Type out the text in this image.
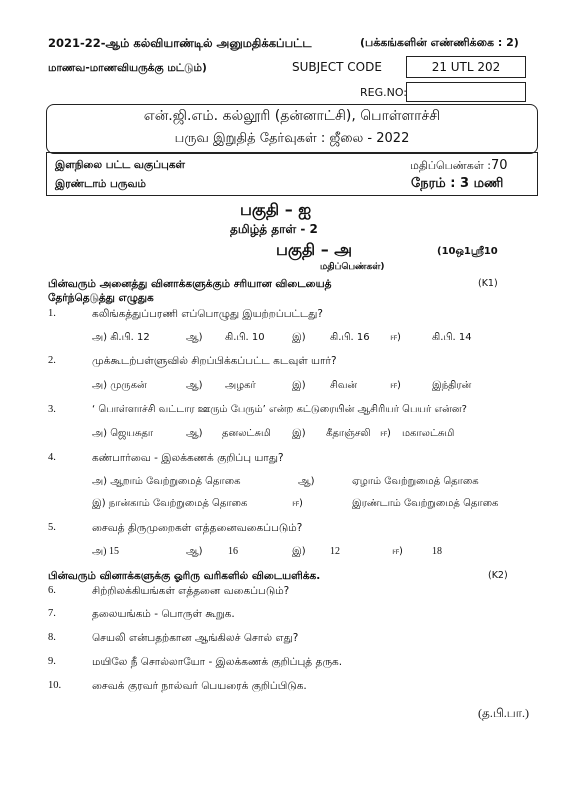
2021-22-ஆம் கல்வியாண்டில் அனுமதிக்கப்பட்ட	(பக்கங்களின் எண்ணிக்கை : 2)
மாணவ-மாணவியருக்கு மட்டும்)	SUBJECT CODE	21 UTL 202
REG.NO:
என்.ஜி.எம். கல்லூரி (தன்னாட்சி), பொள்ளாச்சி
பருவ இறுதித் தேர்வுகள் : ஜீலை - 2022
இளநிலை பட்ட வகுப்புகள்	மதிப்பெண்கள் :70
இரண்டாம் பருவம்	நேரம் : 3 மணி
பகுதி – ஐ
தமிழ்த் தாள் - 2
பகுதி – அ	(10ஒ1ஸ்ரீ10
மதிப்பெண்கள்)
பின்வரும் அனைத்து வினாக்களுக்கும் சரியான விடையைத்	(K1)
தேர்ந்தெடுத்து எழுதுக
1.	கலிங்கத்துப்பரணி எப்பொழுது இயற்றப்பட்டது?
அ) கி.பி. 12	ஆ) கி.பி. 10	இ) கி.பி. 16 ஈ)	கி.பி. 14
2.	முக்கூடற்பள்ளுவில் சிறப்பிக்கப்பட்ட கடவுள் யார்?
அ) முருகன்	ஆ) அழகர்	இ) சிவன்	ஈ)	இந்திரன்
3.	‘ பொள்ளாச்சி வட்டார ஊரும் பேரும்’ என்ற கட்டுரையின் ஆசிரியர் பெயர் என்ன?
அ) ஜெயசுதா	ஆ) தனலட்சுமி இ) கீதாஞ்சலி ஈ) மகாலட்சுமி
4.	கண்பார்வை - இலக்கணக் குறிப்பு யாது?
அ) ஆறாம் வேற்றுமைத் தொகை	ஆ)	ஏழாம் வேற்றுமைத் தொகை
இ) நான்காம் வேற்றுமைத் தொகை	ஈ)	இரண்டாம் வேற்றுமைத் தொகை
5.	சைவத் திருமுறைகள் எத்தனைவகைப்படும்?
அ) 15	ஆ)	16	இ) 12	ஈ)	18
பின்வரும் வினாக்களுக்கு ஓரிரு வரிகளில் விடையளிக்க.	(K2)
6.	சிற்றிலக்கியங்கள் எத்தனை வகைப்படும்?
7.	தலையங்கம் - பொருள் கூறுக.
8.	செயலி என்பதற்கான ஆங்கிலச் சொல் எது?
9.	மயிலே நீ சொல்லாயோ - இலக்கணக் குறிப்புத் தருக.
10.	சைவக் குரவர் நால்வர் பெயரைக் குறிப்பிடுக.
(த.பி.பா.)
